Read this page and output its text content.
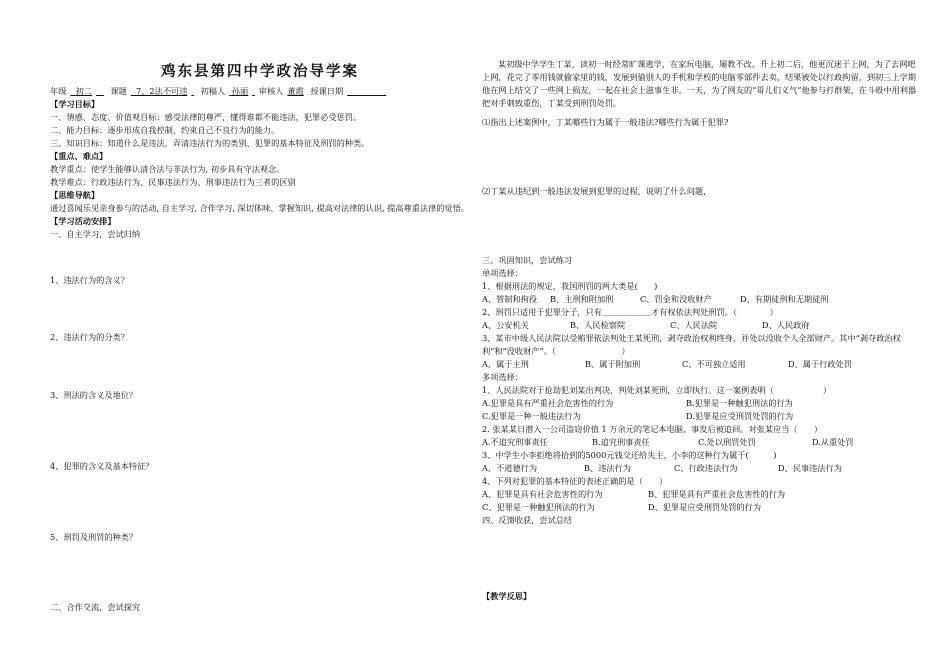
鸡东县第四中学政治导学案
年级 初二 课题 7、2法不可违 初稿人 孙丽 审核人 董霞 授课日期
【学习目标】
一、情感、态度、价值观目标：感受法律的尊严，懂得谁都不能违法，犯罪必受惩罚。
二、能力目标：逐步形成自我控制、约束自己不良行为的能力。
三、知识目标：知道什么是违法，弄清违法行为的类别、犯罪的基本特征及刑罚的种类。
【重点、难点】
教学重点：使学生能够认清合法与非法行为, 初步具有守法观念。
教学难点：行政违法行为、民事违法行为、刑事违法行为三者的区别
【思维导航】
通过喜闻乐见亲身参与的活动, 自主学习, 合作学习, 深切体味、掌握知识, 提高对法律的认识, 提高尊重法律的觉悟。
【学习活动安排】
一、自主学习，尝试归纳
1、违法行为的含义？
2、违法行为的分类？
3、刑法的含义及地位？
4、犯罪的含义及基本特征？
5、刑罚及刑罚的种类？
二、合作交流，尝试探究
某初级中学学生丁某，读初一时经常旷课逃学，在家玩电脑，屡教不改。升上初二后，他更沉迷于上网，为了去网吧上网，花完了零用钱就偷家里的钱，发展到偷别人的手机和学校的电脑零部件去卖，结果被处以行政拘留。到初三上学期他在网上结交了一些网上损友，一起在社会上滋事生非。一天，为了网友的“哥儿们义气”他参与打群架，在斗殴中用利器把对手刺致重伤，丁某受到刑罚处罚。
⑴指出上述案例中，丁某哪些行为属于一般违法?哪些行为属于犯罪?
⑵丁某从违纪到一般违法发展到犯罪的过程，说明了什么问题，
三、巩固知识，尝试练习
单项选择：
1、根据刑法的规定，我国刑罚的两大类是(　　)
A、管制和拘役 B、主刑和附加刑	C、罚金和没收财产	D、有期徒刑和无期徒刑
2、刑罚只适用于犯罪分子，只有＿＿＿＿＿＿才有权依法判处刑罚。（　　　　）
A、公安机关	B、人民检察院	C、人民法院	D、人民政府
3、某市中级人民法院以受贿罪依法判处王某死刑，剥夺政治权利终身，并处以没收个人全部财产。其中“剥夺政治权利”和“没收财产”。（　　　　　　　　）
A、属于主刑	B、属于附加刑	C、不可独立适用	D、属于行政处罚
多项选择：
1、人民法院对于抢劫犯刘某出判决，判处刘某死刑，立即执行。这一案例表明（　　　　　　）
A.犯罪是具有严重社会危害性的行为	B.犯罪是一种触犯刑法的行为
C.犯罪是一种一般违法行为	D.犯罪是应受刑罚处罚的行为
2. 张某某日潜入一公司盗窃价值 1 万余元的笔记本电脑，事发后被追回。对张某应当（　　）
A.不追究刑事责任	B.追究刑事责任	C.处以刑罚处罚	D.从重处罚
3、中学生小李拒绝将拾到的5000元钱交还给失主，小李的这种行为属于(　　　)
A、不道德行为	B、违法行为	C、行政违法行为	D、民事违法行为
4、下列对犯罪的基本特征的表述正确的是（　　）
A、犯罪是具有社会危害性的行为	B、犯罪是具有严重社会危害性的行为
C、犯罪是一种触犯刑法的行为	D、犯罪是应受刑罚处罚的行为
四、反馈收获，尝试总结
【教学反思】
